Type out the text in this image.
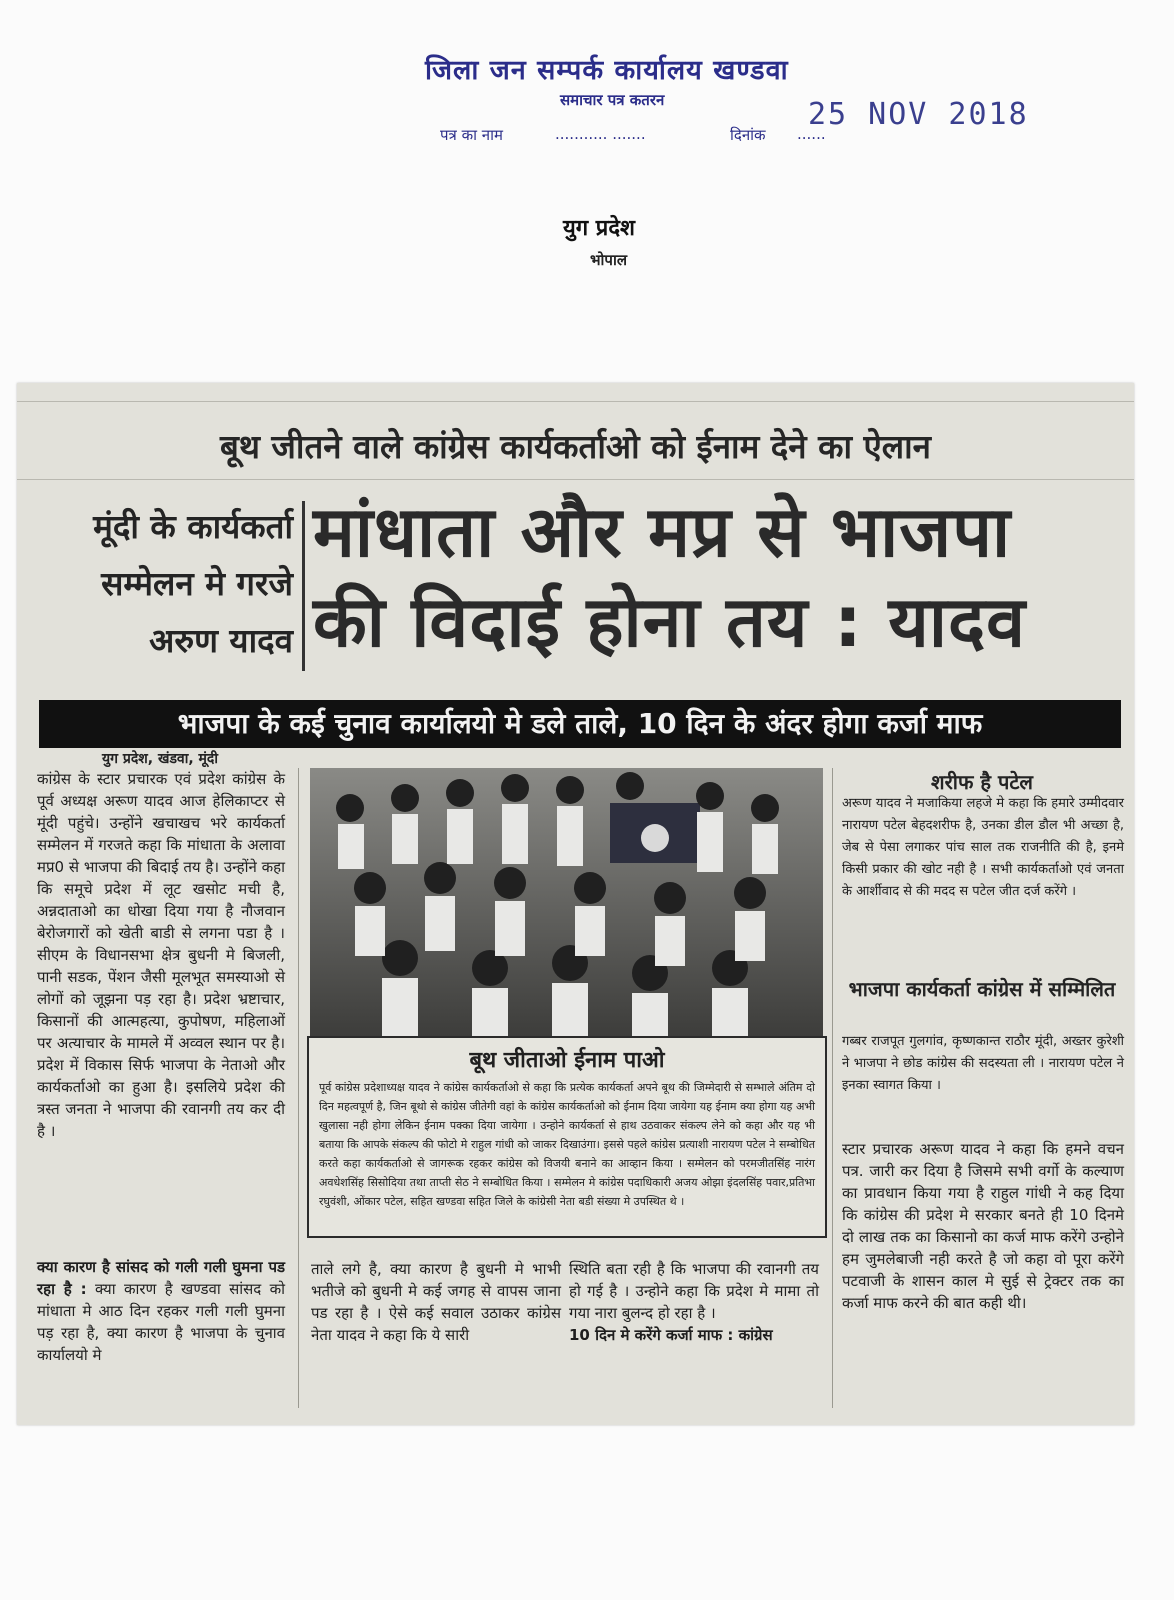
जिला जन सम्पर्क कार्यालय खण्डवा
समाचार पत्र कतरन	25 NOV 2018
पत्र का नाम	........... .......	दिनांक ......
युग प्रदेश
भोपाल
बूथ जीतने वाले कांग्रेस कार्यकर्ताओ को ईनाम देने का ऐलान
मूंदी के कार्यकर्ता
सम्मेलन मे गरजे
अरुण यादव
मांधाता और मप्र से भाजपा
की विदाई होना तय : यादव
भाजपा के कई चुनाव कार्यालयो मे डले ताले, 10 दिन के अंदर होगा कर्जा माफ
युग प्रदेश, खंडवा, मूंदी

कांग्रेस के स्टार प्रचारक एवं प्रदेश कांग्रेस के पूर्व अध्यक्ष अरूण यादव आज हेलिकाप्टर से मूंदी पहुंचे। उन्होंने खचाखच भरे कार्यकर्ता सम्मेलन में गरजते कहा कि मांधाता के अलावा मप्र0 से भाजपा की बिदाई तय है। उन्होंने कहा कि समूचे प्रदेश में लूट खसोट मची है, अन्नदाताओ का धोखा दिया गया है नौजवान बेरोजगारों को खेती बाडी से लगना पडा है । सीएम के विधानसभा क्षेत्र बुधनी मे बिजली, पानी सडक, पेंशन जैसी मूलभूत समस्याओ से लोगों को जूझना पड़ रहा है। प्रदेश भ्रष्टाचार, किसानों की आत्महत्या, कुपोषण, महिलाओं पर अत्याचार के मामले में अव्वल स्थान पर है। प्रदेश में विकास सिर्फ भाजपा के नेताओ और कार्यकर्ताओ का हुआ है। इसलिये प्रदेश की त्रस्त जनता ने भाजपा की रवानगी तय कर दी है ।

क्या कारण है सांसद को गली गली घुमना पड रहा है : क्या कारण है खण्डवा सांसद को मांधाता मे आठ दिन रहकर गली गली घुमना पड़ रहा है, क्या कारण है भाजपा के चुनाव कार्यालयो मे

बूथ जीताओ ईनाम पाओ
पूर्व कांग्रेस प्रदेशाध्यक्ष यादव ने कांग्रेस कार्यकर्ताओ से कहा कि प्रत्येक कार्यकर्ता अपने बूथ की जिम्मेदारी से सम्भाले अंतिम दो दिन महत्वपूर्ण है, जिन बूथो से कांग्रेस जीतेगी वहां के कांग्रेस कार्यकर्ताओ को ईनाम दिया जायेगा यह ईनाम क्या होगा यह अभी खुलासा नही होगा लेकिन ईनाम पक्का दिया जायेगा । उन्होने कार्यकर्ता से हाथ उठवाकर संकल्प लेने को कहा और यह भी बताया कि आपके संकल्प की फोटो मे राहुल गांधी को जाकर दिखाउंगा। इससे पहले कांग्रेस प्रत्याशी नारायण पटेल ने सम्बोधित करते कहा कार्यकर्ताओ से जागरूक रहकर कांग्रेस को विजयी बनाने का आव्हान किया । सम्मेलन को परमजीतसिंह नारंग अवधेशसिंह सिसोदिया तथा ताप्ती सेठ ने सम्बोधित किया । सम्मेलन मे कांग्रेस पदाधिकारी अजय ओझा इंदलसिंह पवार,प्रतिभा रघुवंशी, ओंकार पटेल, सहित खण्डवा सहित जिले के कांग्रेसी नेता बडी संख्या मे उपस्थित थे ।

ताले लगे है, क्या कारण है बुधनी मे भाभी भतीजे को बुधनी मे कई जगह से वापस जाना पड रहा है । ऐसे कई सवाल उठाकर कांग्रेस नेता यादव ने कहा कि ये सारी

स्थिति बता रही है कि भाजपा की रवानगी तय हो गई है । उन्होने कहा कि प्रदेश मे मामा तो गया नारा बुलन्द हो रहा है ।

10 दिन मे करेंगे कर्जा माफ : कांग्रेस

शरीफ है पटेल

अरूण यादव ने मजाकिया लहजे मे कहा कि हमारे उम्मीदवार नारायण पटेल बेहदशरीफ है, उनका डील डौल भी अच्छा है, जेब से पेसा लगाकर पांच साल तक राजनीति की है, इनमे किसी प्रकार की खोट नही है । सभी कार्यकर्ताओ एवं जनता के आर्शीवाद से की मदद स पटेल जीत दर्ज करेंगे ।

भाजपा कार्यकर्ता कांग्रेस में सम्मिलित

गब्बर राजपूत गुलगांव, कृष्णकान्त राठौर मूंदी, अख्तर कुरेशी ने भाजपा ने छोड कांग्रेस की सदस्यता ली । नारायण पटेल ने इनका स्वागत किया ।

स्टार प्रचारक अरूण यादव ने कहा कि हमने वचन पत्र. जारी कर दिया है जिसमे सभी वर्गो के कल्याण का प्रावधान किया गया है राहुल गांधी ने कह दिया कि कांग्रेस की प्रदेश मे सरकार बनते ही 10 दिनमे दो लाख तक का किसानो का कर्ज माफ करेंगे उन्होने हम जुमलेबाजी नही करते है जो कहा वो पूरा करेंगे पटवाजी के शासन काल मे सुई से ट्रेक्टर तक का कर्जा माफ करने की बात कही थी।
